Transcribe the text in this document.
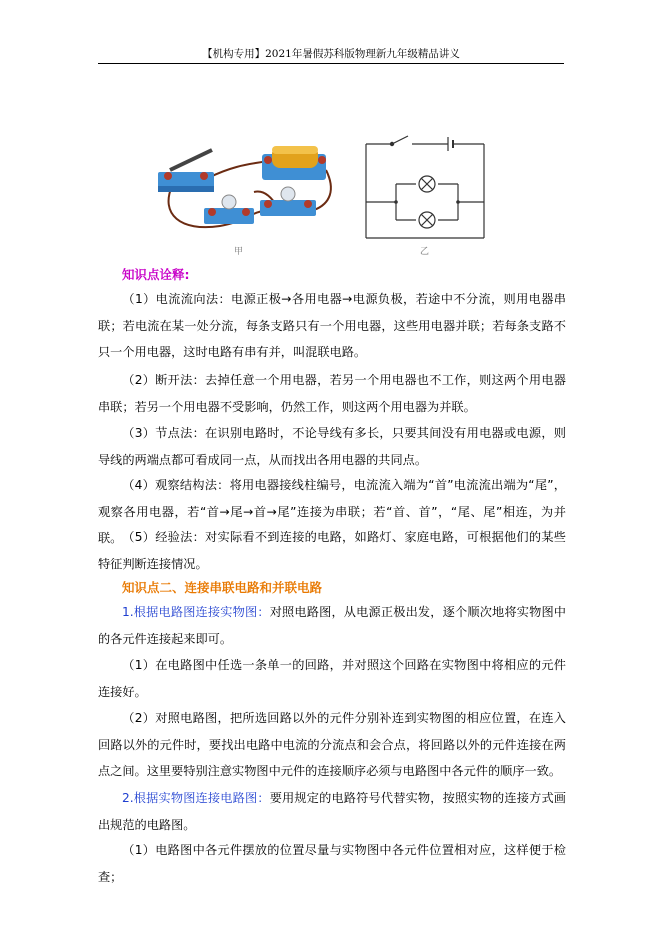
【机构专用】2021年暑假苏科版物理新九年级精品讲义
甲	乙
知识点诠释:
（1）电流流向法：电源正极→各用电器→电源负极，若途中不分流，则用电器串联；若电流在某一处分流，每条支路只有一个用电器，这些用电器并联；若每条支路不只一个用电器，这时电路有串有并，叫混联电路。
（2）断开法：去掉任意一个用电器，若另一个用电器也不工作，则这两个用电器串联；若另一个用电器不受影响，仍然工作，则这两个用电器为并联。
（3）节点法：在识别电路时，不论导线有多长，只要其间没有用电器或电源，则导线的两端点都可看成同一点，从而找出各用电器的共同点。
（4）观察结构法：将用电器接线柱编号，电流流入端为“首”电流流出端为“尾”，观察各用电器，若“首→尾→首→尾”连接为串联；若“首、首”，“尾、尾”相连，为并联。 （5）经验法：对实际看不到连接的电路，如路灯、家庭电路，可根据他们的某些特征判断连接情况。
知识点二、连接串联电路和并联电路
1.根据电路图连接实物图：对照电路图，从电源正极出发，逐个顺次地将实物图中的各元件连接起来即可。
（1）在电路图中任选一条单一的回路，并对照这个回路在实物图中将相应的元件连接好。
（2）对照电路图，把所选回路以外的元件分别补连到实物图的相应位置，在连入回路以外的元件时，要找出电路中电流的分流点和会合点，将回路以外的元件连接在两点之间。这里要特别注意实物图中元件的连接顺序必须与电路图中各元件的顺序一致。
2.根据实物图连接电路图：要用规定的电路符号代替实物，按照实物的连接方式画出规范的电路图。
（1）电路图中各元件摆放的位置尽量与实物图中各元件位置相对应，这样便于检查；
